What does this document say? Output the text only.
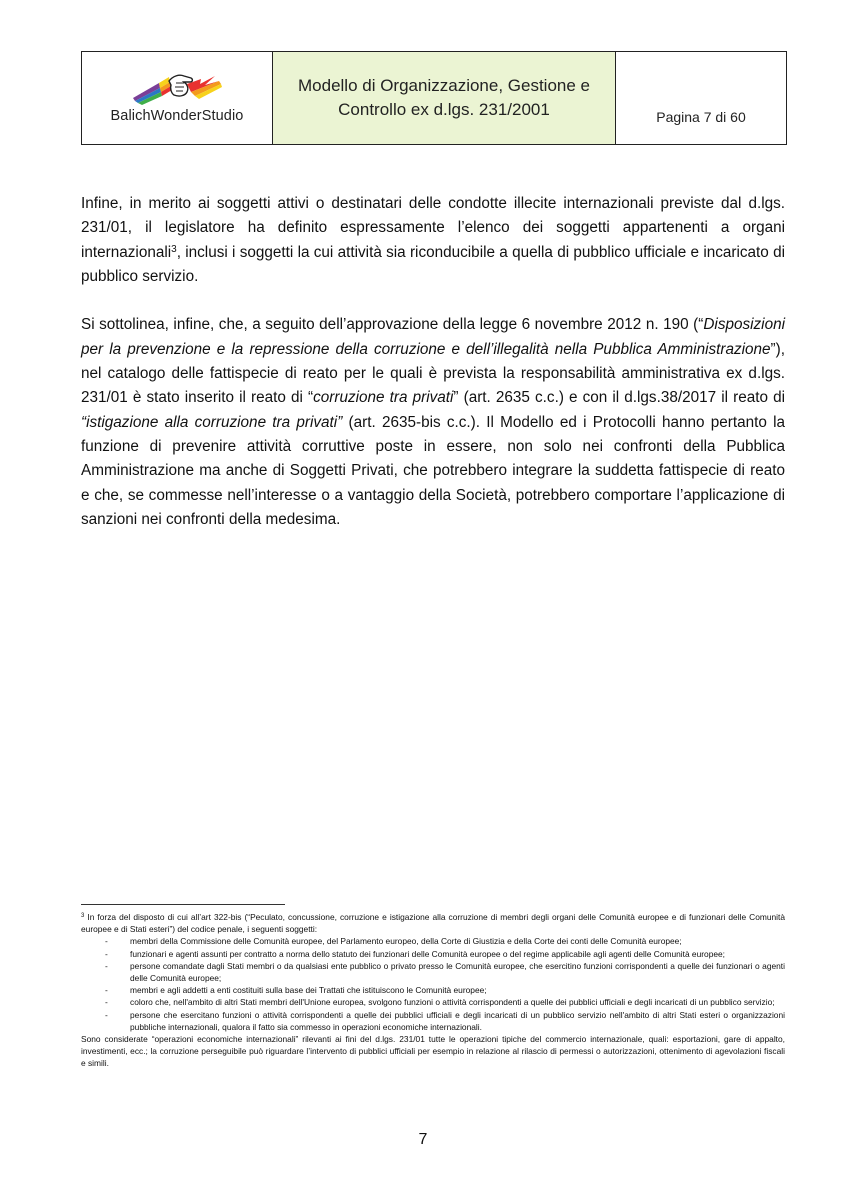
BalichWonderStudio

Modello di Organizzazione, Gestione e
Controllo ex d.lgs. 231/2001	Pagina 7 di 60

Infine, in merito ai soggetti attivi o destinatari delle condotte illecite internazionali previste dal d.lgs. 231/01, il legislatore ha definito espressamente l’elenco dei soggetti appartenenti a organi internazionali$^3$, inclusi i soggetti la cui attività sia riconducibile a quella di pubblico ufficiale e incaricato di pubblico servizio.

Si sottolinea, infine, che, a seguito dell’approvazione della legge 6 novembre 2012 n. 190 (“Disposizioni per la prevenzione e la repressione della corruzione e dell’illegalità nella Pubblica Amministrazione”), nel catalogo delle fattispecie di reato per le quali è prevista la responsabilità amministrativa ex d.lgs. 231/01 è stato inserito il reato di “corruzione tra privati” (art. 2635 c.c.) e con il d.lgs.38/2017 il reato di “istigazione alla corruzione tra privati” (art. 2635-bis c.c.). Il Modello ed i Protocolli hanno pertanto la funzione di prevenire attività corruttive poste in essere, non solo nei confronti della Pubblica Amministrazione ma anche di Soggetti Privati, che potrebbero integrare la suddetta fattispecie di reato e che, se commesse nell’interesse o a vantaggio della Società, potrebbero comportare l’applicazione di sanzioni nei confronti della medesima.

$^3$ In forza del disposto di cui all’art 322-bis (“Peculato, concussione, corruzione e istigazione alla corruzione di membri degli organi delle Comunità europee e di funzionari delle Comunità europee e di Stati esteri”) del codice penale, i seguenti soggetti:

-	membri della Commissione delle Comunità europee, del Parlamento europeo, della Corte di Giustizia e della Corte dei conti delle Comunità europee;
-	funzionari e agenti assunti per contratto a norma dello statuto dei funzionari delle Comunità europee o del regime applicabile agli agenti delle Comunità europee;
-	persone comandate dagli Stati membri o da qualsiasi ente pubblico o privato presso le Comunità europee, che esercitino funzioni corrispondenti a quelle dei funzionari o agenti delle Comunità europee;
-	membri e agli addetti a enti costituiti sulla base dei Trattati che istituiscono le Comunità europee;
-	coloro che, nell'ambito di altri Stati membri dell'Unione europea, svolgono funzioni o attività corrispondenti a quelle dei pubblici ufficiali e degli incaricati di un pubblico servizio;
-	persone che esercitano funzioni o attività corrispondenti a quelle dei pubblici ufficiali e degli incaricati di un pubblico servizio nell'ambito di altri Stati esteri o organizzazioni pubbliche internazionali, qualora il fatto sia commesso in operazioni economiche internazionali.

Sono considerate “operazioni economiche internazionali” rilevanti ai fini del d.lgs. 231/01 tutte le operazioni tipiche del commercio internazionale, quali: esportazioni, gare di appalto, investimenti, ecc.; la corruzione perseguibile può riguardare l’intervento di pubblici ufficiali per esempio in relazione al rilascio di permessi o autorizzazioni, ottenimento di agevolazioni fiscali e simili.

7
